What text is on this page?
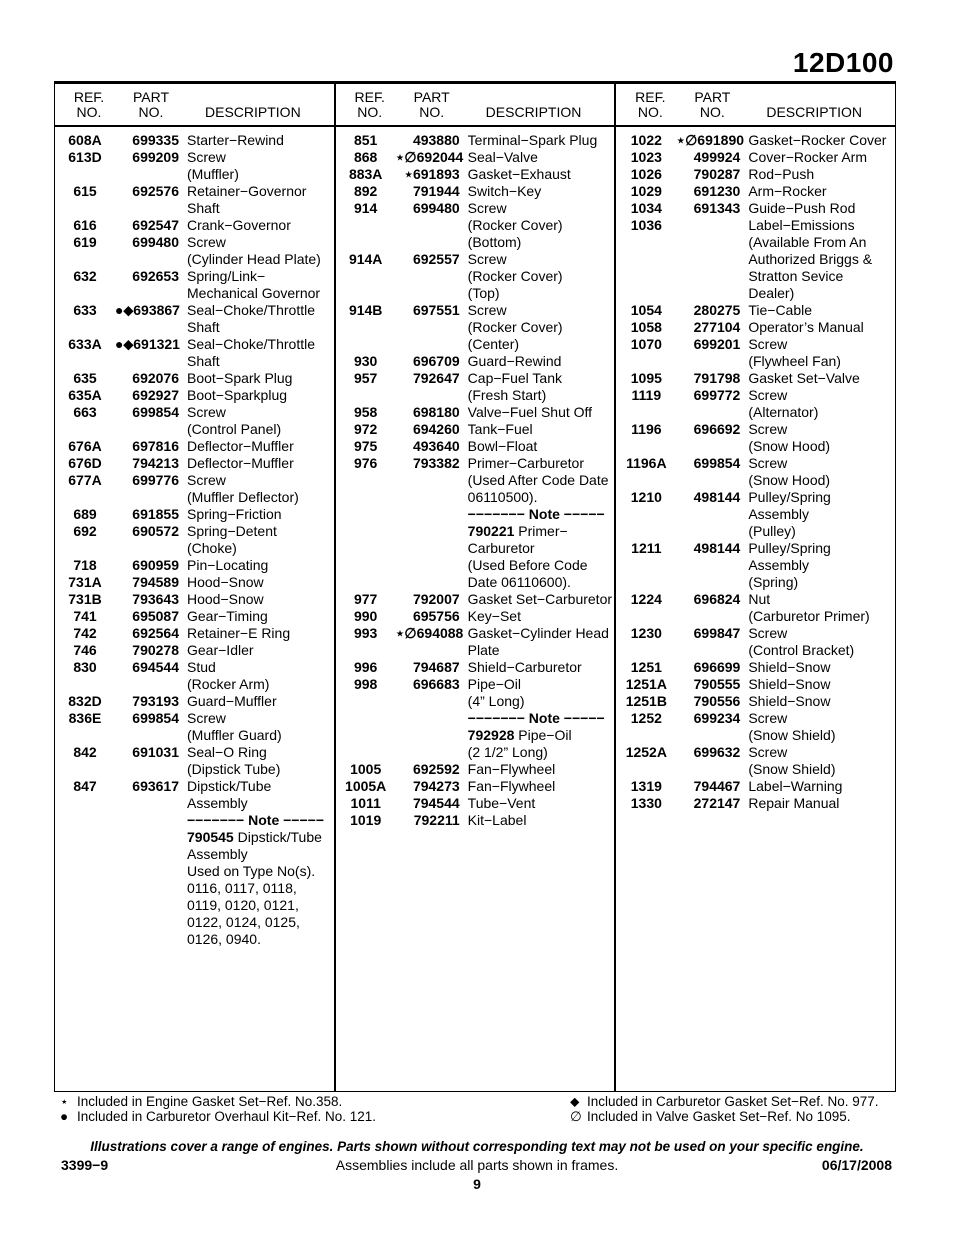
12D100
REF.
NO.
PART
NO.	DESCRIPTION
608A	699335 Starter−Rewind
613D	699209 Screw
(Muffler)
615	692576 Retainer−Governor
Shaft
616	692547 Crank−Governor
619	699480 Screw
(Cylinder Head Plate)
632	692653 Spring/Link−
Mechanical Governor
633	●⬥693867 Seal−Choke/Throttle
Shaft
633A ●⬥691321 Seal−Choke/Throttle
Shaft
635	692076 Boot−Spark Plug
635A	692927 Boot−Sparkplug
663	699854 Screw
(Control Panel)
676A	697816 Deflector−Muffler
676D	794213 Deflector−Muffler
677A	699776 Screw
(Muffler Deflector)
689	691855 Spring−Friction
692	690572 Spring−Detent
(Choke)
718	690959 Pin−Locating
731A	794589 Hood−Snow
731B	793643 Hood−Snow
741	695087 Gear−Timing
742	692564 Retainer−E Ring
746	790278 Gear−Idler
830	694544 Stud
(Rocker Arm)
832D	793193 Guard−Muffler
836E	699854 Screw
(Muffler Guard)
842	691031 Seal−O Ring
(Dipstick Tube)
847	693617 Dipstick/Tube
Assembly
−−−−−−− Note −−−−−
790545 Dipstick/Tube
Assembly
Used on Type No(s).
0116, 0117, 0118,
0119, 0120, 0121,
0122, 0124, 0125,
0126, 0940.
REF.
NO.
PART
NO.	DESCRIPTION
851	493880 Terminal−Spark Plug
868	⋆∅692044 Seal−Valve
883A	⋆691893 Gasket−Exhaust
892	791944 Switch−Key
914	699480 Screw
(Rocker Cover)
(Bottom)
914A	692557 Screw
(Rocker Cover)
(Top)
914B	697551 Screw
(Rocker Cover)
(Center)
930	696709 Guard−Rewind
957	792647 Cap−Fuel Tank
(Fresh Start)
958	698180 Valve−Fuel Shut Off
972	694260 Tank−Fuel
975	493640 Bowl−Float
976	793382 Primer−Carburetor
(Used After Code Date
06110500).
−−−−−−− Note −−−−−
790221 Primer−
Carburetor
(Used Before Code
Date 06110600).
977	792007 Gasket Set−Carburetor
990	695756 Key−Set
993	⋆∅694088 Gasket−Cylinder Head
Plate
996	794687 Shield−Carburetor
998	696683 Pipe−Oil
(4” Long)
−−−−−−− Note −−−−−
792928 Pipe−Oil
(2 1/2” Long)
1005	692592 Fan−Flywheel
1005A	794273 Fan−Flywheel
1011	794544 Tube−Vent
1019	792211 Kit−Label
REF.
NO.
PART
NO.	DESCRIPTION
1022	⋆∅691890 Gasket−Rocker Cover
1023	499924 Cover−Rocker Arm
1026	790287 Rod−Push
1029	691230 Arm−Rocker
1034	691343 Guide−Push Rod
1036	Label−Emissions
(Available From An
Authorized Briggs &
Stratton Sevice
Dealer)
1054	280275 Tie−Cable
1058	277104 Operator’s Manual
1070	699201 Screw
(Flywheel Fan)
1095	791798 Gasket Set−Valve
1119	699772 Screw
(Alternator)
1196	696692 Screw
(Snow Hood)
1196A	699854 Screw
(Snow Hood)
1210	498144 Pulley/Spring
Assembly
(Pulley)
1211	498144 Pulley/Spring
Assembly
(Spring)
1224	696824 Nut
(Carburetor Primer)
1230	699847 Screw
(Control Bracket)
1251	696699 Shield−Snow
1251A	790555 Shield−Snow
1251B	790556 Shield−Snow
1252	699234 Screw
(Snow Shield)
1252A	699632 Screw
(Snow Shield)
1319	794467 Label−Warning
1330	272147 Repair Manual
⋆ Included in Engine Gasket Set−Ref. No.358.
● Included in Carburetor Overhaul Kit−Ref. No. 121.
⬥ Included in Carburetor Gasket Set−Ref. No. 977.
∅ Included in Valve Gasket Set−Ref. No 1095.
Illustrations cover a range of engines. Parts shown without corresponding text may not be used on your specific engine.
3399−9	Assemblies include all parts shown in frames.	06/17/2008
9
